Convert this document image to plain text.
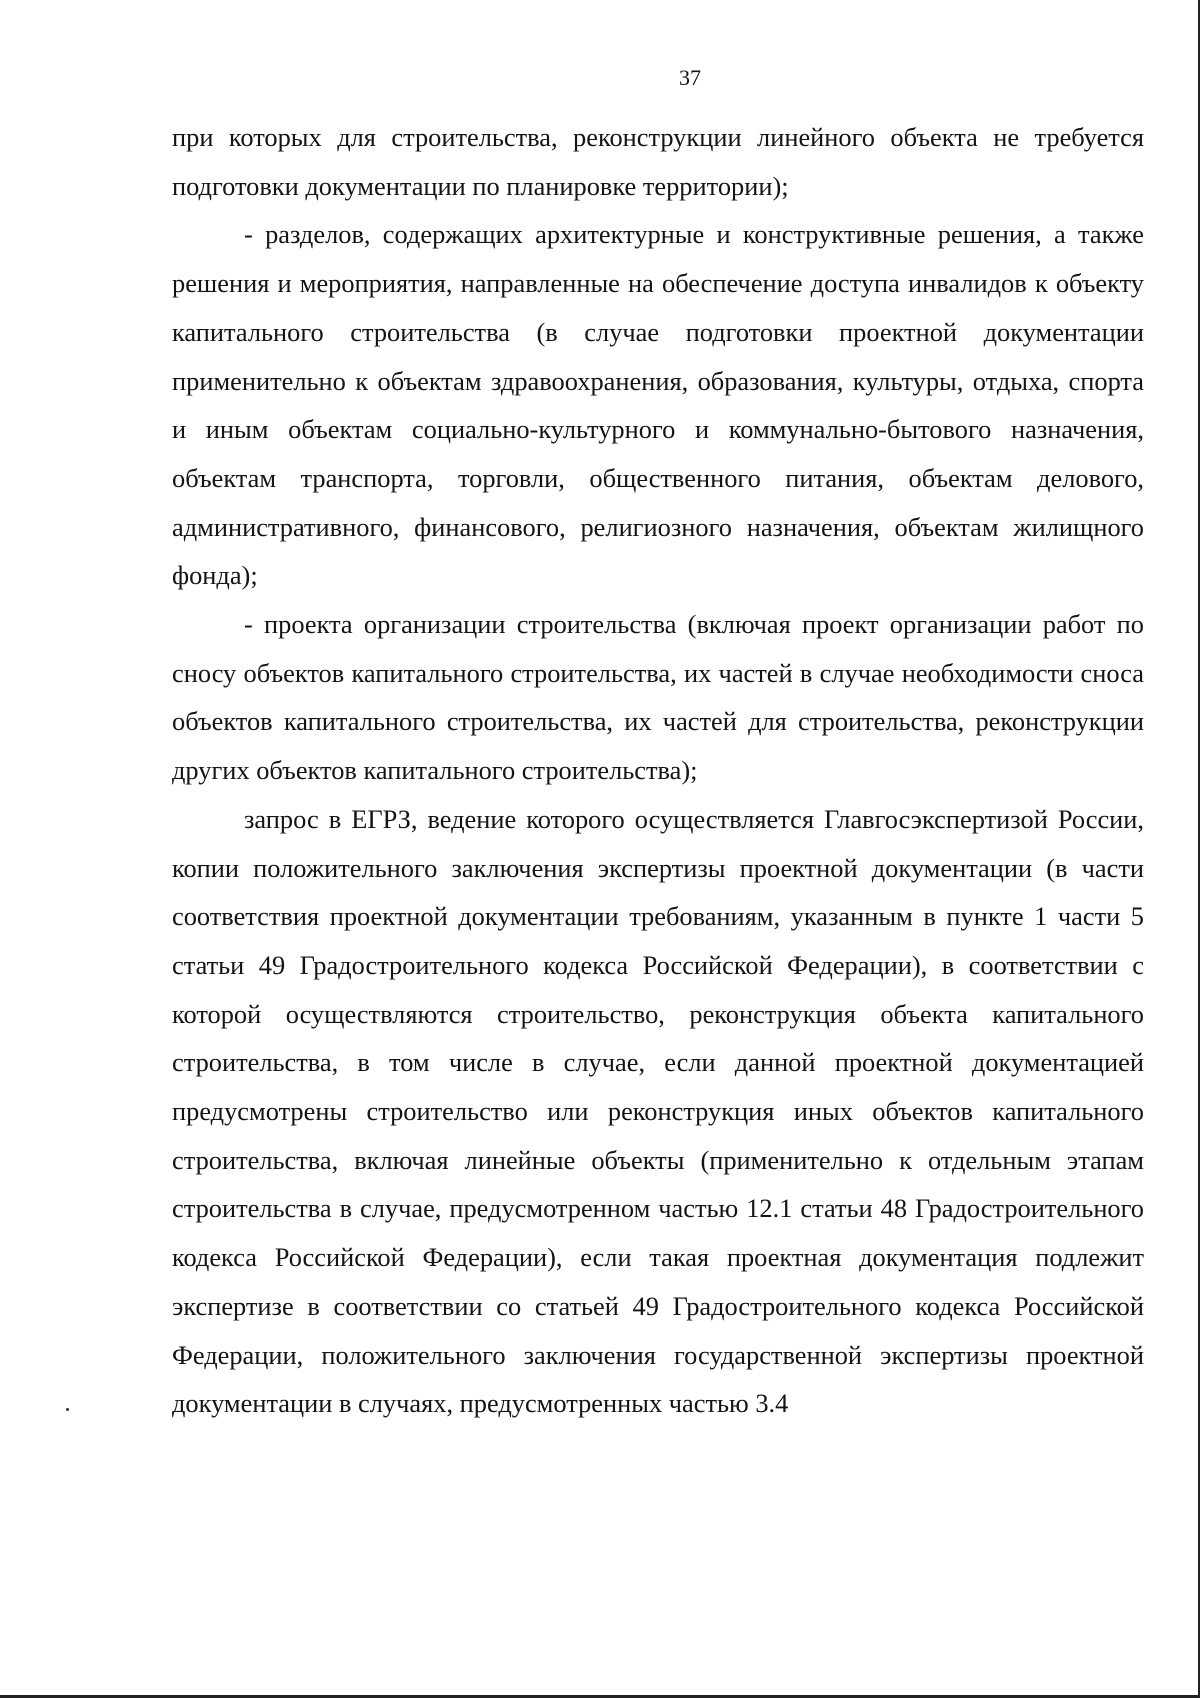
37

при которых для строительства, реконструкции линейного объекта не требуется подготовки документации по планировке территории);

- разделов, содержащих архитектурные и конструктивные решения, а также решения и мероприятия, направленные на обеспечение доступа инвалидов к объекту капитального строительства (в случае подготовки проектной документации применительно к объектам здравоохранения, образования, культуры, отдыха, спорта и иным объектам социально-культурного и коммунально-бытового назначения, объектам транспорта, торговли, общественного питания, объектам делового, административного, финансового, религиозного назначения, объектам жилищного фонда);

- проекта организации строительства (включая проект организации работ по сносу объектов капитального строительства, их частей в случае необходимости сноса объектов капитального строительства, их частей для строительства, реконструкции других объектов капитального строительства);

запрос в ЕГРЗ, ведение которого осуществляется Главгосэкспертизой России, копии положительного заключения экспертизы проектной документации (в части соответствия проектной документации требованиям, указанным в пункте 1 части 5 статьи 49 Градостроительного кодекса Российской Федерации), в соответствии с которой осуществляются строительство, реконструкция объекта капитального строительства, в том числе в случае, если данной проектной документацией предусмотрены строительство или реконструкция иных объектов капитального строительства, включая линейные объекты (применительно к отдельным этапам строительства в случае, предусмотренном частью 12.1 статьи 48 Градостроительного кодекса Российской Федерации), если такая проектная документация подлежит экспертизе в соответствии со статьей 49 Градостроительного кодекса Российской Федерации, положительного заключения государственной экспертизы проектной документации в случаях, предусмотренных частью 3.4
